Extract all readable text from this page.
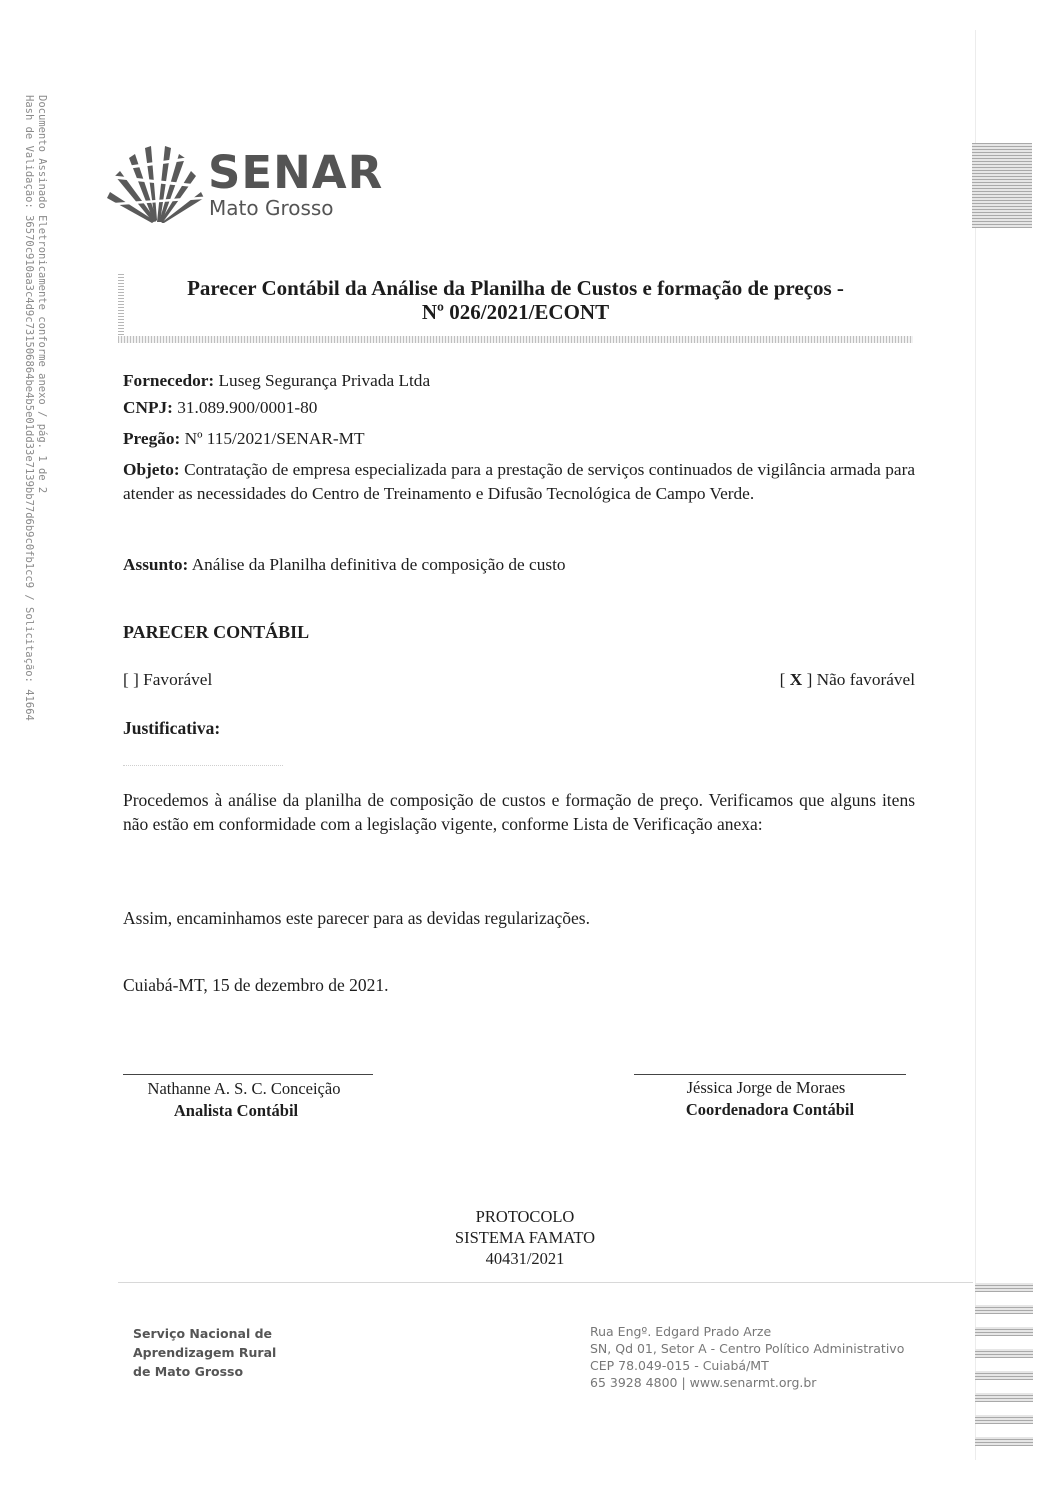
Documento Assinado Eletronicamente conforme anexo / pág. 1 de 2
Hash de Validação: 36570c910aa3c4d9c731506864be4b5e01dd33e7139bb77d6b9c0fb1cc9 / Solicitação: 41664	SENAR
Mato Grosso
Parecer Contábil da Análise da Planilha de Custos e formação de preços -
Nº 026/2021/ECONT
Fornecedor: Luseg Segurança Privada Ltda
CNPJ: 31.089.900/0001-80
Pregão: Nº 115/2021/SENAR-MT
Objeto: Contratação de empresa especializada para a prestação de serviços continuados de vigilância armada para atender as necessidades do Centro de Treinamento e Difusão Tecnológica de Campo Verde.
Assunto: Análise da Planilha definitiva de composição de custo
PARECER CONTÁBIL
[ ] Favorável	[ X ] Não favorável
Justificativa:
Procedemos à análise da planilha de composição de custos e formação de preço. Verificamos que alguns itens não estão em conformidade com a legislação vigente, conforme Lista de Verificação anexa:
Assim, encaminhamos este parecer para as devidas regularizações.
Cuiabá-MT, 15 de dezembro de 2021.
Nathanne A. S. C. Conceição
Analista Contábil
Jéssica Jorge de Moraes
Coordenadora Contábil
PROTOCOLO
SISTEMA FAMATO
40431/2021
Serviço Nacional de
Aprendizagem Rural
de Mato Grosso
Rua Engº. Edgard Prado Arze
SN, Qd 01, Setor A - Centro Político Administrativo
CEP 78.049-015 - Cuiabá/MT
65 3928 4800 | www.senarmt.org.br
